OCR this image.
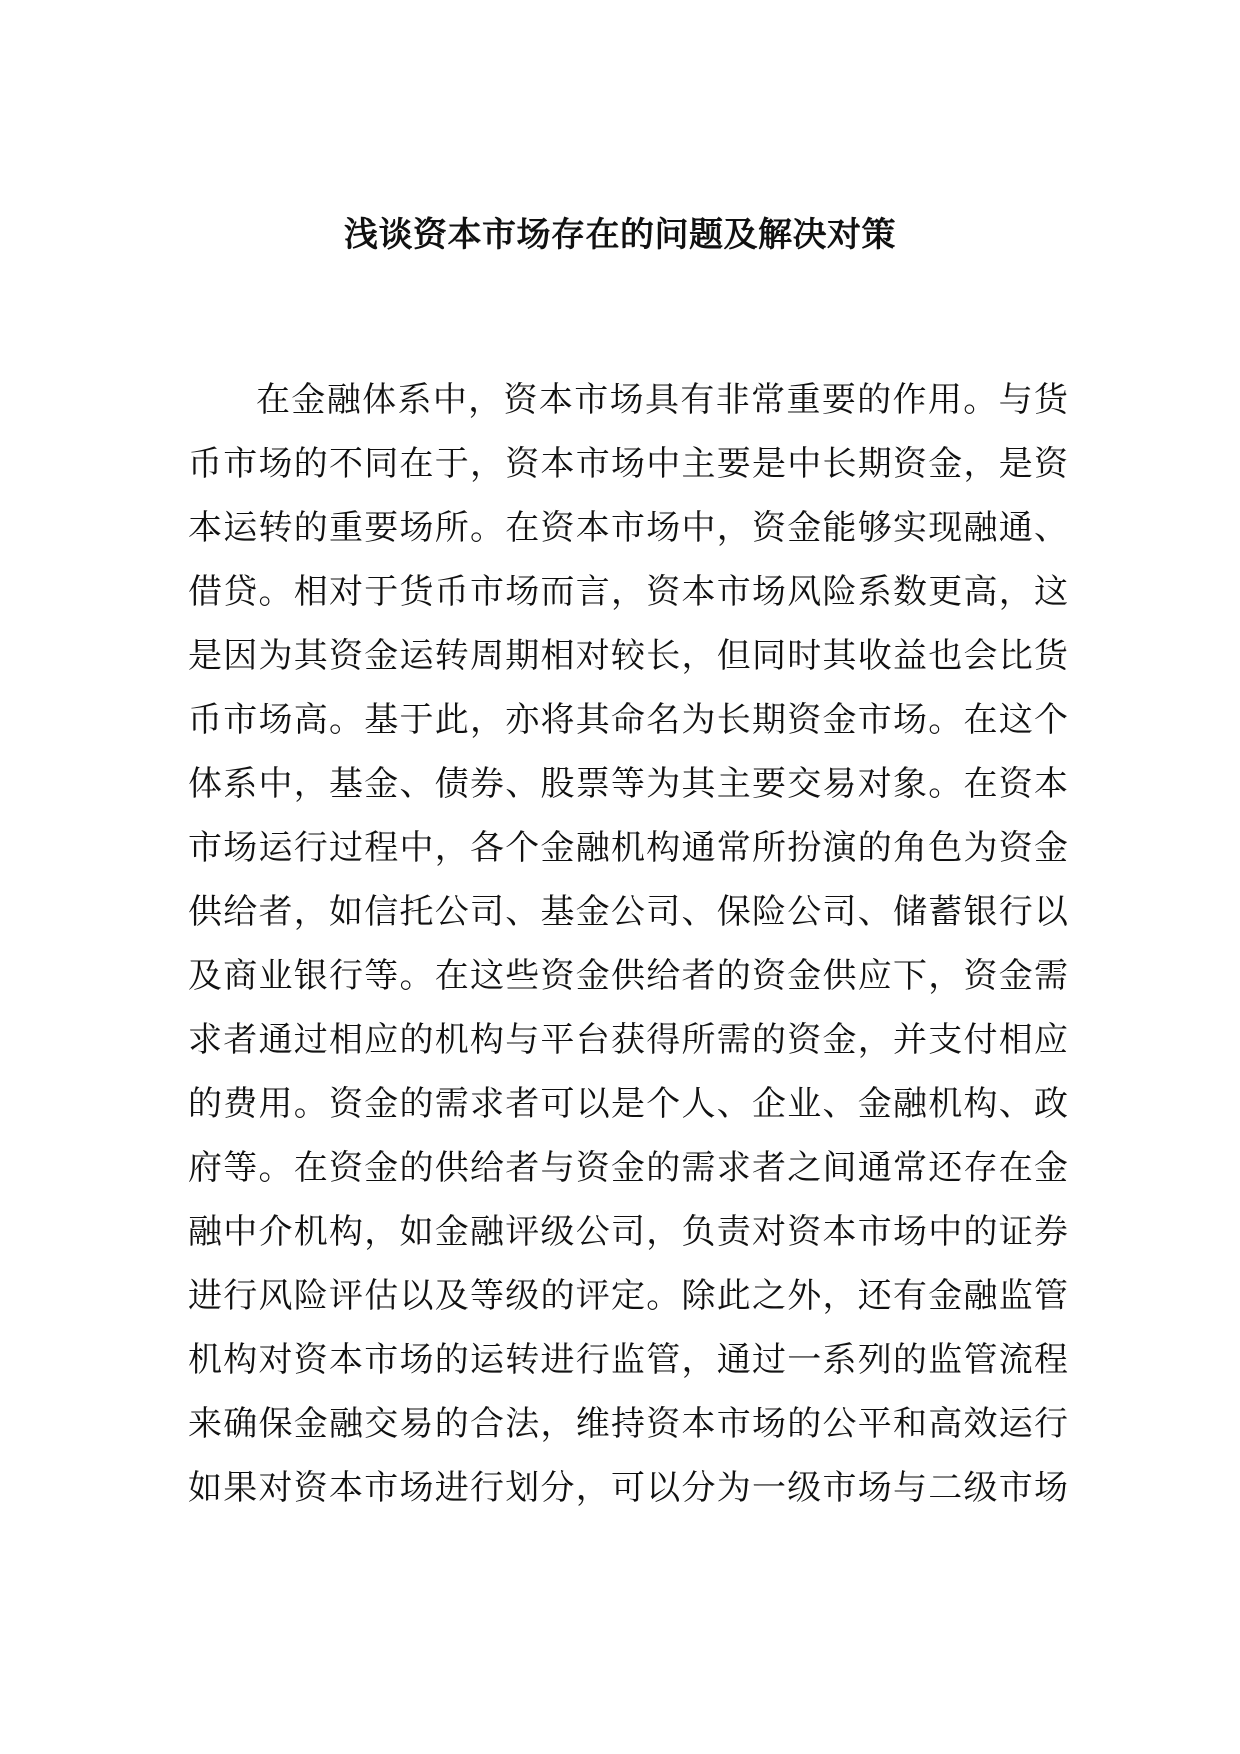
浅谈资本市场存在的问题及解决对策
在金融体系中，资本市场具有非常重要的作用。与货
币市场的不同在于，资本市场中主要是中长期资金，是资
本运转的重要场所。在资本市场中，资金能够实现融通、
借贷。相对于货币市场而言，资本市场风险系数更高，这
是因为其资金运转周期相对较长，但同时其收益也会比货
币市场高。基于此，亦将其命名为长期资金市场。在这个
体系中，基金、债券、股票等为其主要交易对象。在资本
市场运行过程中，各个金融机构通常所扮演的角色为资金
供给者，如信托公司、基金公司、保险公司、储蓄银行以
及商业银行等。在这些资金供给者的资金供应下，资金需
求者通过相应的机构与平台获得所需的资金，并支付相应
的费用。资金的需求者可以是个人、企业、金融机构、政
府等。在资金的供给者与资金的需求者之间通常还存在金
融中介机构，如金融评级公司，负责对资本市场中的证券
进行风险评估以及等级的评定。除此之外，还有金融监管
机构对资本市场的运转进行监管，通过一系列的监管流程
来确保金融交易的合法，维持资本市场的公平和高效运行
如果对资本市场进行划分，可以分为一级市场与二级市场
